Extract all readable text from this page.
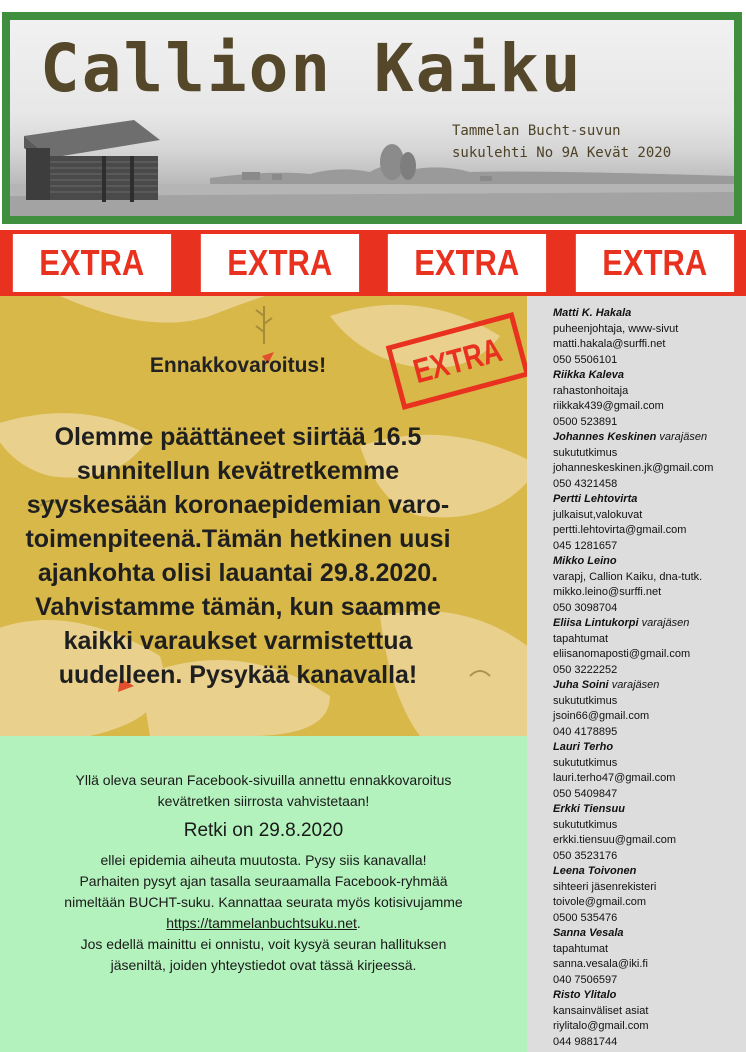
Callion Kaiku
Tammelan Bucht-suvun
sukulehti No 9A Kevät 2020
EXTRA	EXTRA	EXTRA	EXTRA
Ennakkovaroitus!	EXTRA
Olemme päättäneet siirtää 16.5
sunnitellun kevätretkemme
syyskesään koronaepidemian varo-
toimenpiteenä.Tämän hetkinen uusi
ajankohta olisi lauantai 29.8.2020.
Vahvistamme tämän, kun saamme
kaikki varaukset varmistettua
uudelleen. Pysykää kanavalla!

Yllä oleva seuran Facebook-sivuilla annettu ennakkovaroitus
kevätretken siirrosta vahvistetaan!

Retki on 29.8.2020

ellei epidemia aiheuta muutosta. Pysy siis kanavalla!
Parhaiten pysyt ajan tasalla seuraamalla Facebook-ryhmää
nimeltään BUCHT-suku. Kannattaa seurata myös kotisivujamme
https://tammelanbuchtsuku.net.
Jos edellä mainittu ei onnistu, voit kysyä seuran hallituksen
jäseniltä, joiden yhteystiedot ovat tässä kirjeessä.

Matti K. Hakala
puheenjohtaja, www-sivut
matti.hakala@surffi.net
050 5506101
Riikka Kaleva
rahastonhoitaja
riikkak439@gmail.com
0500 523891
Johannes Keskinen varajäsen
sukututkimus
johanneskeskinen.jk@gmail.com
050 4321458
Pertti Lehtovirta
julkaisut,valokuvat
pertti.lehtovirta@gmail.com
045 1281657
Mikko Leino
varapj, Callion Kaiku, dna-tutk.
mikko.leino@surffi.net
050 3098704
Eliisa Lintukorpi varajäsen
tapahtumat
eliisanomaposti@gmail.com
050 3222252
Juha Soini varajäsen
sukututkimus
jsoin66@gmail.com
040 4178895
Lauri Terho
sukututkimus
lauri.terho47@gmail.com
050 5409847
Erkki Tiensuu
sukututkimus
erkki.tiensuu@gmail.com
050 3523176
Leena Toivonen
sihteeri jäsenrekisteri
toivole@gmail.com
0500 535476
Sanna Vesala
tapahtumat
sanna.vesala@iki.fi
040 7506597
Risto Ylitalo
kansainväliset asiat
riylitalo@gmail.com
044 9881744
